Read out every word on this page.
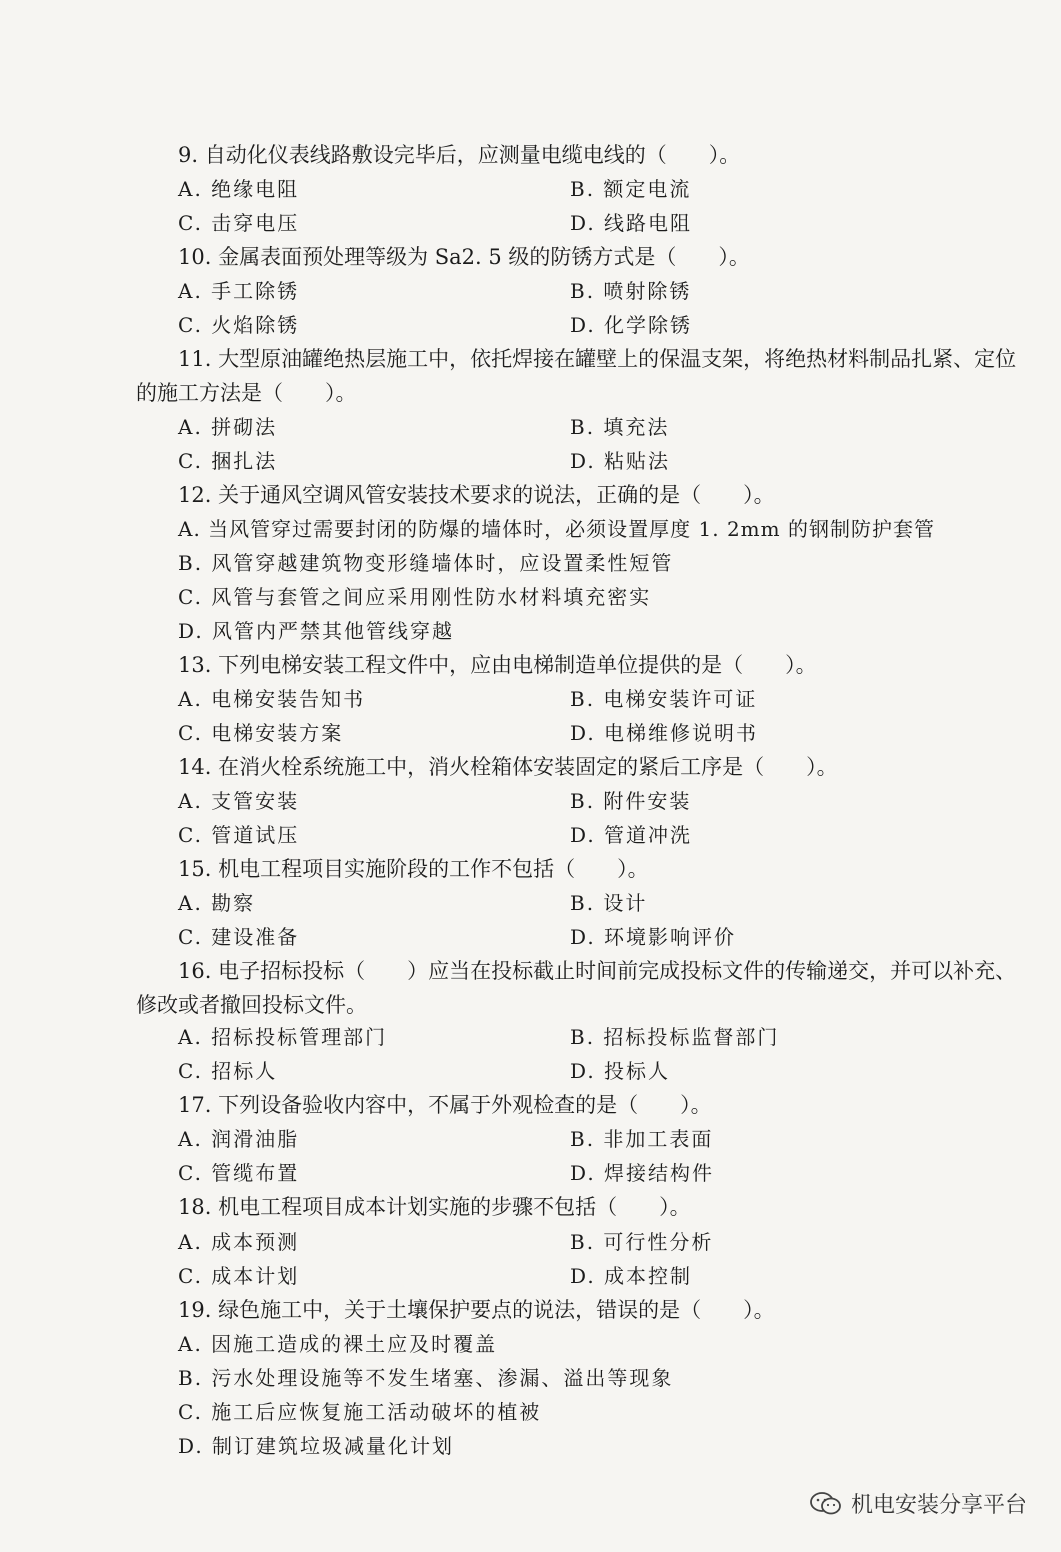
9. 自动化仪表线路敷设完毕后，应测量电缆电线的（　　）。
A. 绝缘电阻	B. 额定电流
C. 击穿电压	D. 线路电阻
10. 金属表面预处理等级为 Sa2. 5 级的防锈方式是（　　）。
A. 手工除锈	B. 喷射除锈
C. 火焰除锈	D. 化学除锈
11. 大型原油罐绝热层施工中，依托焊接在罐壁上的保温支架，将绝热材料制品扎紧、定位的施工方法是（　　）。
A. 拼砌法	B. 填充法
C. 捆扎法	D. 粘贴法
12. 关于通风空调风管安装技术要求的说法，正确的是（　　）。
A. 当风管穿过需要封闭的防爆的墙体时，必须设置厚度 1. 2mm 的钢制防护套管
B. 风管穿越建筑物变形缝墙体时，应设置柔性短管
C. 风管与套管之间应采用刚性防水材料填充密实
D. 风管内严禁其他管线穿越
13. 下列电梯安装工程文件中，应由电梯制造单位提供的是（　　）。
A. 电梯安装告知书	B. 电梯安装许可证
C. 电梯安装方案	D. 电梯维修说明书
14. 在消火栓系统施工中，消火栓箱体安装固定的紧后工序是（　　）。
A. 支管安装	B. 附件安装
C. 管道试压	D. 管道冲洗
15. 机电工程项目实施阶段的工作不包括（　　）。
A. 勘察	B. 设计
C. 建设准备	D. 环境影响评价
16. 电子招标投标（　　）应当在投标截止时间前完成投标文件的传输递交，并可以补充、修改或者撤回投标文件。
A. 招标投标管理部门	B. 招标投标监督部门
C. 招标人	D. 投标人
17. 下列设备验收内容中，不属于外观检查的是（　　）。
A. 润滑油脂	B. 非加工表面
C. 管缆布置	D. 焊接结构件
18. 机电工程项目成本计划实施的步骤不包括（　　）。
A. 成本预测	B. 可行性分析
C. 成本计划	D. 成本控制
19. 绿色施工中，关于土壤保护要点的说法，错误的是（　　）。
A. 因施工造成的裸土应及时覆盖
B. 污水处理设施等不发生堵塞、渗漏、溢出等现象
C. 施工后应恢复施工活动破坏的植被
D. 制订建筑垃圾减量化计划
机电安装分享平台
